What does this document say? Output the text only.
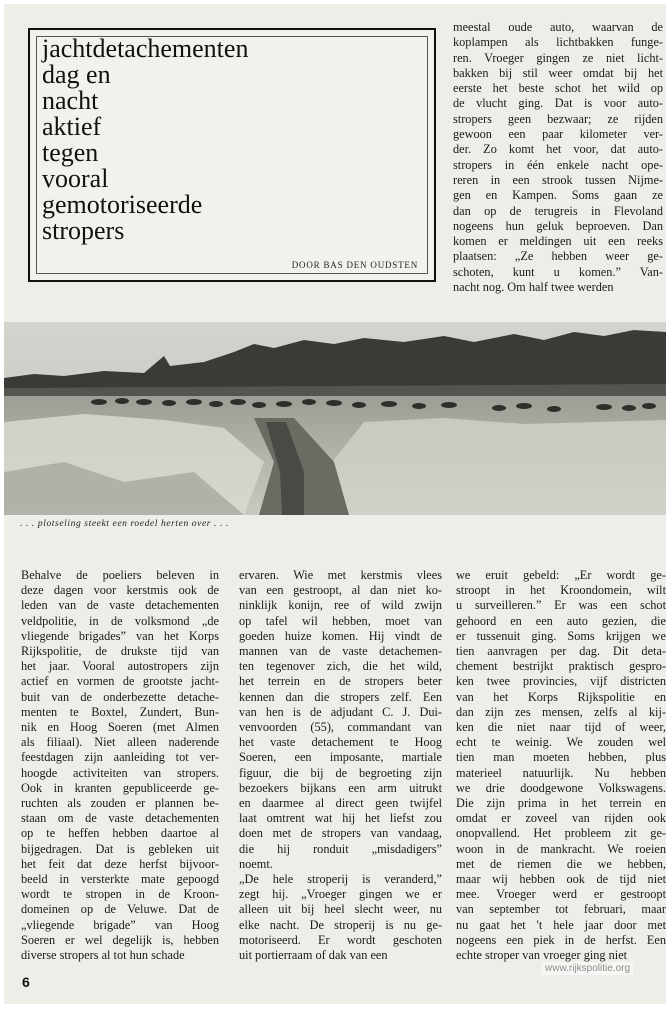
jachtdetachementen
dag en
nacht
aktief
tegen
vooral
gemotoriseerde
stropers
DOOR BAS DEN OUDSTEN
meestal oude auto, waarvan de
koplampen als lichtbakken fungе-
ren. Vroeger gingen ze niet licht-
bakken bij stil weer omdat bij het
eerste het beste schot het wild op
de vlucht ging. Dat is voor auto-
stropers geen bezwaar; ze rijden
gewoon een paar kilometer ver-
der. Zo komt het voor, dat auto-
stropers in één enkele nacht ope-
reren in een strook tussen Nijme-
gen en Kampen. Soms gaan ze
dan op de terugreis in Flevoland
nogeens hun geluk beproeven. Dan
komen er meldingen uit een reeks
plaatsen: „Ze hebben weer ge-
schoten, kunt u komen.” Van-
nacht nog. Om half twee werden
. . . plotseling steekt een roedel herten over . . .
Behalve de poeliers beleven in
deze dagen voor kerstmis ook de
leden van de vaste detachementen
veldpolitie, in de volksmond „de
vliegende brigades” van het Korps
Rijkspolitie, de drukste tijd van
het jaar. Vooral autostropers zijn
actief en vormen de grootste jacht-
buit van de onderbezette detache-
menten te Boxtel, Zundert, Bun-
nik en Hoog Soeren (met Almen
als filiaal). Niet alleen naderende
feestdagen zijn aanleiding tot ver-
hoogde activiteiten van stropers.
Ook in kranten gepubliceerde ge-
ruchten als zouden er plannen be-
staan om de vaste detachementen
op te heffen hebben daartoe al
bijgedragen. Dat is gebleken uit
het feit dat deze herfst bijvoor-
beeld in versterkte mate gepoogd
wordt te stropen in de Kroon-
domeinen op de Veluwe. Dat de
„vliegende brigade” van Hoog
Soeren er wel degelijk is, hebben
diverse stropers al tot hun schade
ervaren. Wie met kerstmis vlees
van een gestroopt, al dan niet ko-
ninklijk konijn, ree of wild zwijn
op tafel wil hebben, moet van
goeden huize komen. Hij vindt de
mannen van de vaste detachemen-
ten tegenover zich, die het wild,
het terrein en de stropers beter
kennen dan die stropers zelf. Een
van hen is de adjudant C. J. Dui-
venvoorden (55), commandant van
het vaste detachement te Hoog
Soeren, een imposante, martiale
figuur, die bij de begroeting zijn
bezoekers bijkans een arm uitrukt
en daarmee al direct geen twijfel
laat omtrent wat hij het liefst zou
doen met de stropers van vandaag,
die hij ronduit „misdadigers”
noemt.
„De hele stroperij is veranderd,”
zegt hij. „Vroeger gingen we er
alleen uit bij heel slecht weer, nu
elke nacht. De stroperij is nu ge-
motoriseerd. Er wordt geschoten
uit portierraam of dak van een
we eruit gebeld: „Er wordt ge-
stroopt in het Kroondomein, wilt
u surveilleren.” Er was een schot
gehoord en een auto gezien, die
er tussenuit ging. Soms krijgen we
tien aanvragen per dag. Dit deta-
chement bestrijkt praktisch gespro-
ken twee provincies, vijf districten
van het Korps Rijkspolitie en
dan zijn zes mensen, zelfs al kij-
ken die niet naar tijd of weer,
echt te weinig. We zouden wel
tien man moeten hebben, plus
materieel natuurlijk. Nu hebben
we drie doodgewone Volkswagens.
Die zijn prima in het terrein en
omdat er zoveel van rijden ook
onopvallend. Het probleem zit ge-
woon in de mankracht. We roeien
met de riemen die we hebben,
maar wij hebben ook de tijd niet
mee. Vroeger werd er gestroopt
van september tot februari, maar
nu gaat het 't hele jaar door met
nogeens een piek in de herfst. Een
echte stroper van vroeger ging niet
6
www.rijkspolitie.org
